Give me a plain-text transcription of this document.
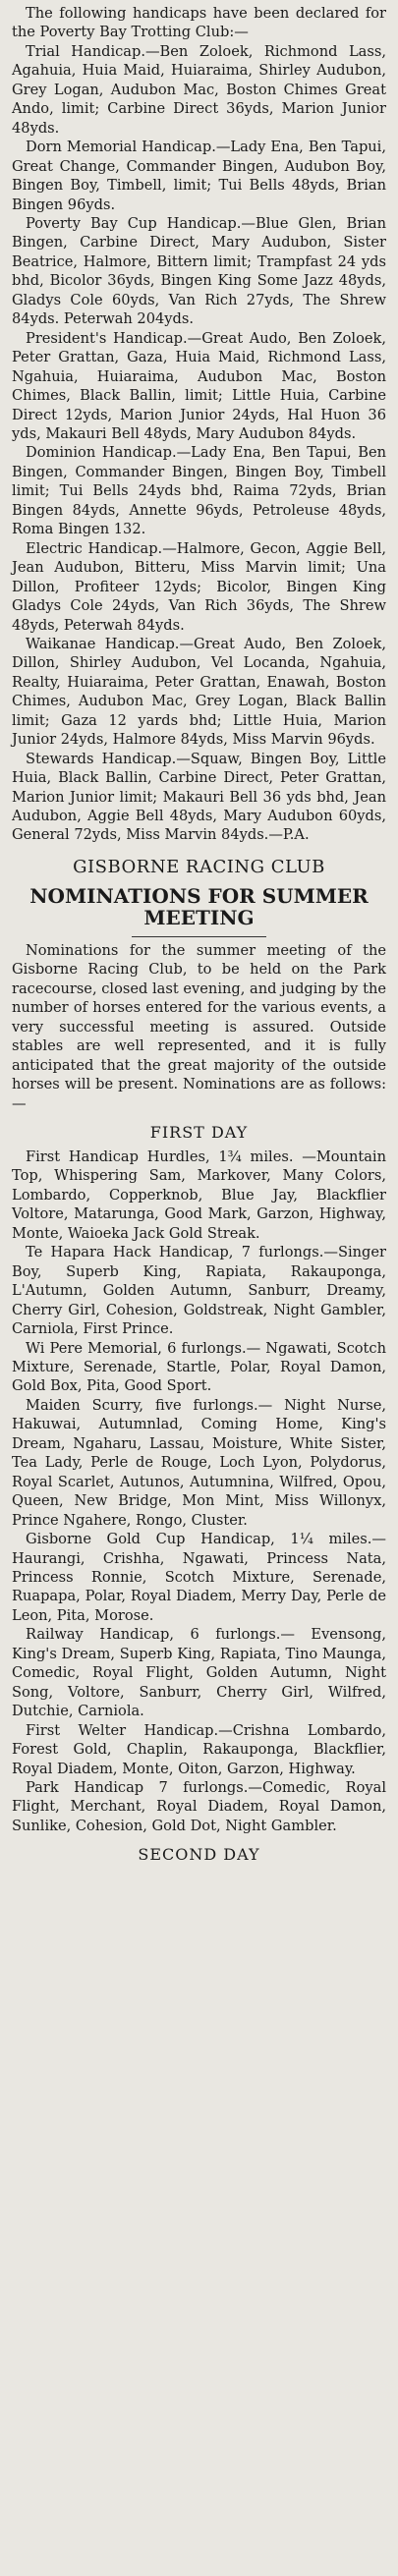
The following handicaps have been declared for the Poverty Bay Trotting Club:—

Trial Handicap.—Ben Zoloek, Richmond Lass, Agahuia, Huia Maid, Huiaraima, Shirley Audubon, Grey Logan, Audubon Mac, Boston Chimes Great Ando, limit; Carbine Direct 36yds, Marion Junior 48yds.

Dorn Memorial Handicap.—Lady Ena, Ben Tapui, Great Change, Commander Bingen, Audubon Boy, Bingen Boy, Timbell, limit; Tui Bells 48yds, Brian Bingen 96yds.

Poverty Bay Cup Handicap.—Blue Glen, Brian Bingen, Carbine Direct, Mary Audubon, Sister Beatrice, Halmore, Bittern limit; Trampfast 24 yds bhd, Bicolor 36yds, Bingen King Some Jazz 48yds, Gladys Cole 60yds, Van Rich 27yds, The Shrew 84yds. Peterwah 204yds.

President's Handicap.—Great Audo, Ben Zoloek, Peter Grattan, Gaza, Huia Maid, Richmond Lass, Ngahuia, Huiaraima, Audubon Mac, Boston Chimes, Black Ballin, limit; Little Huia, Carbine Direct 12yds, Marion Junior 24yds, Hal Huon 36 yds, Makauri Bell 48yds, Mary Audubon 84yds.

Dominion Handicap.—Lady Ena, Ben Tapui, Ben Bingen, Commander Bingen, Bingen Boy, Timbell limit; Tui Bells 24yds bhd, Raima 72yds, Brian Bingen 84yds, Annette 96yds, Petroleuse 48yds, Roma Bingen 132.

Electric Handicap.—Halmore, Gecon, Aggie Bell, Jean Audubon, Bitteru, Miss Marvin limit; Una Dillon, Profiteer 12yds; Bicolor, Bingen King Gladys Cole 24yds, Van Rich 36yds, The Shrew 48yds, Peterwah 84yds.

Waikanae Handicap.—Great Audo, Ben Zoloek, Dillon, Shirley Audubon, Vel Locanda, Ngahuia, Realty, Huiaraima, Peter Grattan, Enawah, Boston Chimes, Audubon Mac, Grey Logan, Black Ballin limit; Gaza 12 yards bhd; Little Huia, Marion Junior 24yds, Halmore 84yds, Miss Marvin 96yds.

Stewards Handicap.—Squaw, Bingen Boy, Little Huia, Black Ballin, Carbine Direct, Peter Grattan, Marion Junior limit; Makauri Bell 36 yds bhd, Jean Audubon, Aggie Bell 48yds, Mary Audubon 60yds, General 72yds, Miss Marvin 84yds.—P.A.

GISBORNE RACING CLUB
NOMINATIONS FOR SUMMER MEETING

Nominations for the summer meeting of the Gisborne Racing Club, to be held on the Park racecourse, closed last evening, and judging by the number of horses entered for the various events, a very successful meeting is assured. Outside stables are well represented, and it is fully anticipated that the great majority of the outside horses will be present. Nominations are as follows:—

FIRST DAY

First Handicap Hurdles, 1¾ miles. —Mountain Top, Whispering Sam, Markover, Many Colors, Lombardo, Copperknob, Blue Jay, Blackflier Voltore, Matarunga, Good Mark, Garzon, Highway, Monte, Waioeka Jack Gold Streak.

Te Hapara Hack Handicap, 7 furlongs.—Singer Boy, Superb King, Rapiata, Rakauponga, L'Autumn, Golden Autumn, Sanburr, Dreamy, Cherry Girl, Cohesion, Goldstreak, Night Gambler, Carniola, First Prince.

Wi Pere Memorial, 6 furlongs.— Ngawati, Scotch Mixture, Serenade, Startle, Polar, Royal Damon, Gold Box, Pita, Good Sport.

Maiden Scurry, five furlongs.— Night Nurse, Hakuwai, Autumnlad, Coming Home, King's Dream, Ngaharu, Lassau, Moisture, White Sister, Tea Lady, Perle de Rouge, Loch Lyon, Polydorus, Royal Scarlet, Autunos, Autumnina, Wilfred, Opou, Queen, New Bridge, Mon Mint, Miss Willonyx, Prince Ngahere, Rongo, Cluster.

Gisborne Gold Cup Handicap, 1¼ miles.—Haurangi, Crishha, Ngawati, Princess Nata, Princess Ronnie, Scotch Mixture, Serenade, Ruapapa, Polar, Royal Diadem, Merry Day, Perle de Leon, Pita, Morose.

Railway Handicap, 6 furlongs.— Evensong, King's Dream, Superb King, Rapiata, Tino Maunga, Comedic, Royal Flight, Golden Autumn, Night Song, Voltore, Sanburr, Cherry Girl, Wilfred, Dutchie, Carniola.

First Welter Handicap.—Crishna Lombardo, Forest Gold, Chaplin, Rakauponga, Blackflier, Royal Diadem, Monte, Oiton, Garzon, Highway.

Park Handicap 7 furlongs.—Comedic, Royal Flight, Merchant, Royal Diadem, Royal Damon, Sunlike, Cohesion, Gold Dot, Night Gambler.

SECOND DAY
